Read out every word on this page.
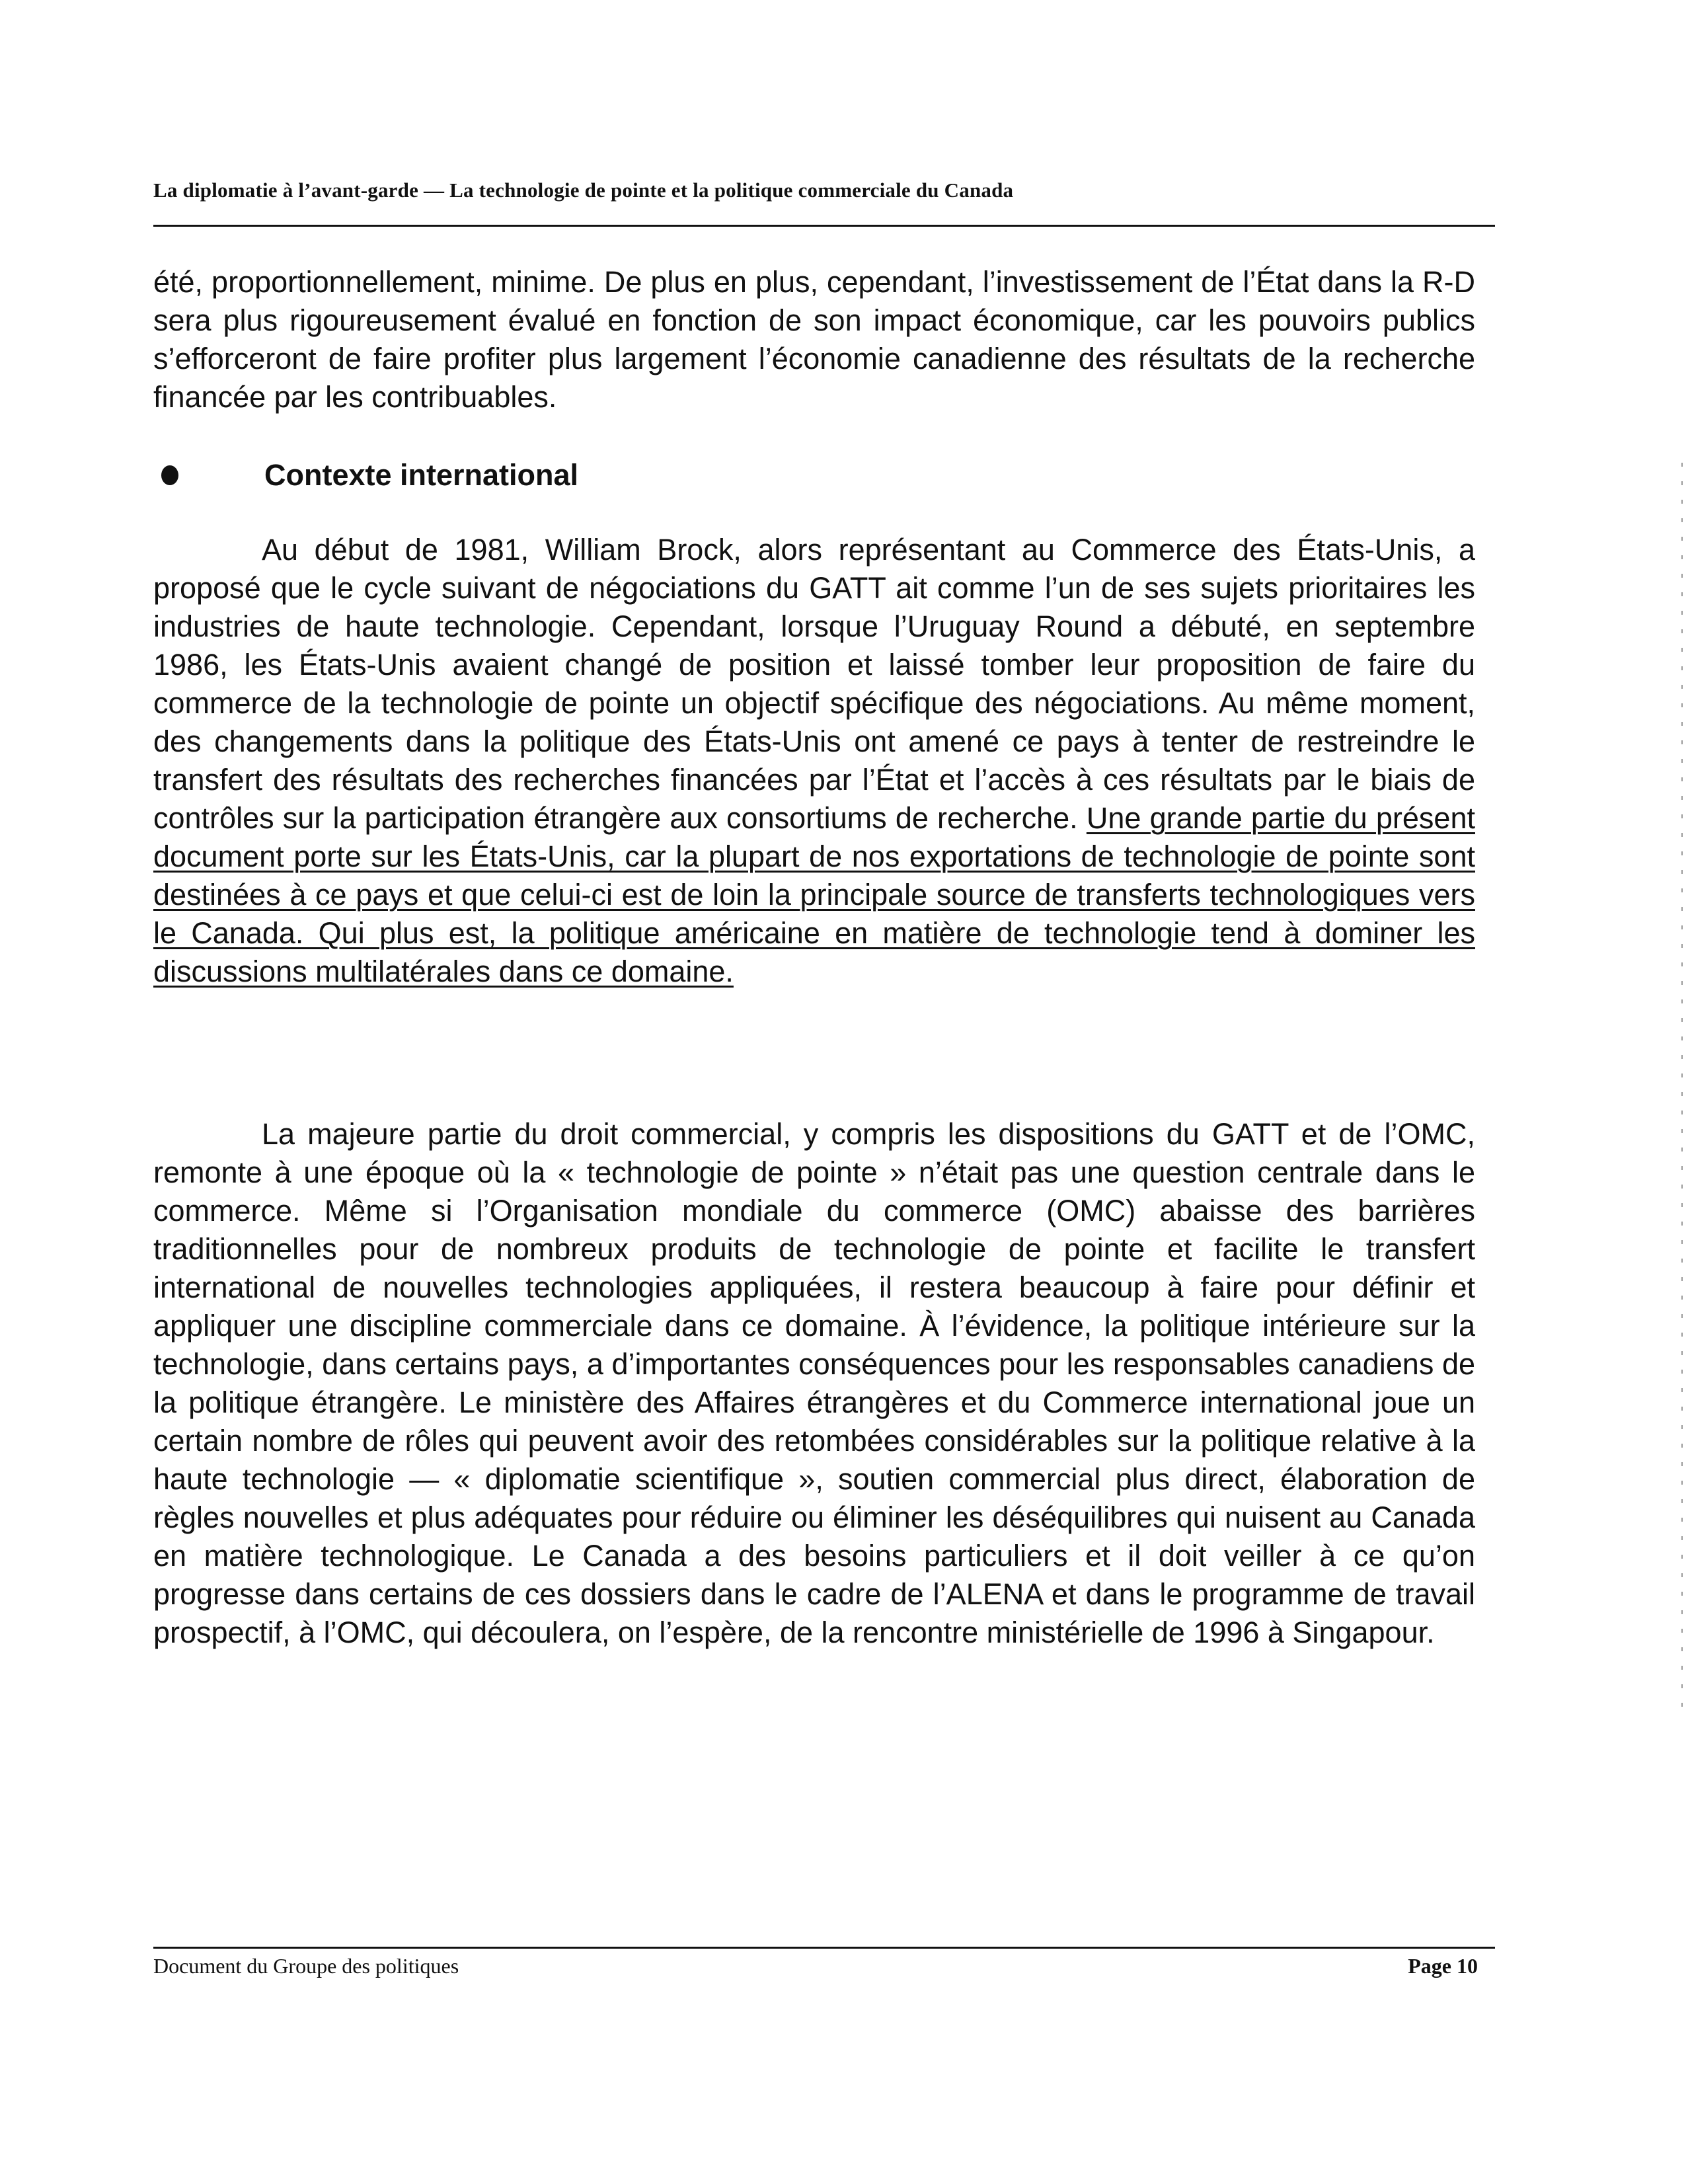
La diplomatie à l’avant-garde — La technologie de pointe et la politique commerciale du Canada

été, proportionnellement, minime. De plus en plus, cependant, l’investissement de l’État dans la R-D sera plus rigoureusement évalué en fonction de son impact économique, car les pouvoirs publics s’efforceront de faire profiter plus largement l’économie canadienne des résultats de la recherche financée par les contribuables.

Contexte international

Au début de 1981, William Brock, alors représentant au Commerce des États-Unis, a proposé que le cycle suivant de négociations du GATT ait comme l’un de ses sujets prioritaires les industries de haute technologie. Cependant, lorsque l’Uruguay Round a débuté, en septembre 1986, les États-Unis avaient changé de position et laissé tomber leur proposition de faire du commerce de la technologie de pointe un objectif spécifique des négociations. Au même moment, des changements dans la politique des États-Unis ont amené ce pays à tenter de restreindre le transfert des résultats des recherches financées par l’État et l’accès à ces résultats par le biais de contrôles sur la participation étrangère aux consortiums de recherche. Une grande partie du présent document porte sur les États-Unis, car la plupart de nos exportations de technologie de pointe sont destinées à ce pays et que celui-ci est de loin la principale source de transferts technologiques vers le Canada. Qui plus est, la politique américaine en matière de technologie tend à dominer les discussions multilatérales dans ce domaine.

La majeure partie du droit commercial, y compris les dispositions du GATT et de l’OMC, remonte à une époque où la « technologie de pointe » n’était pas une question centrale dans le commerce. Même si l’Organisation mondiale du commerce (OMC) abaisse des barrières traditionnelles pour de nombreux produits de technologie de pointe et facilite le transfert international de nouvelles technologies appliquées, il restera beaucoup à faire pour définir et appliquer une discipline commerciale dans ce domaine. À l’évidence, la politique intérieure sur la technologie, dans certains pays, a d’importantes conséquences pour les responsables canadiens de la politique étrangère. Le ministère des Affaires étrangères et du Commerce international joue un certain nombre de rôles qui peuvent avoir des retombées considérables sur la politique relative à la haute technologie — « diplomatie scientifique », soutien commercial plus direct, élaboration de règles nouvelles et plus adéquates pour réduire ou éliminer les déséquilibres qui nuisent au Canada en matière technologique. Le Canada a des besoins particuliers et il doit veiller à ce qu’on progresse dans certains de ces dossiers dans le cadre de l’ALENA et dans le programme de travail prospectif, à l’OMC, qui découlera, on l’espère, de la rencontre ministérielle de 1996 à Singapour.

Document du Groupe des politiques	Page 10
